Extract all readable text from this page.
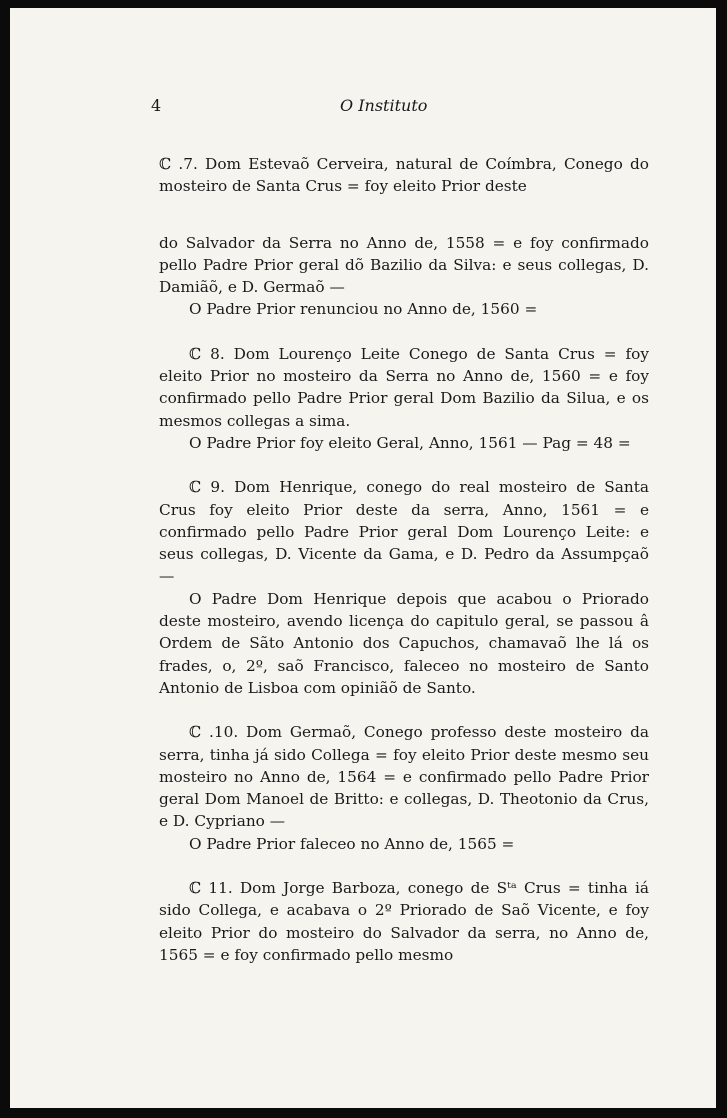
4	O Instituto

ℂ .7. Dom Estevaõ Cerveira, natural de Coímbra, Conego do mosteiro de Santa Crus = foy eleito Prior deste

do Salvador da Serra no Anno de, 1558 = e foy confirmado pello Padre Prior geral dõ Bazilio da Silva: e seus collegas, D. Damiãõ, e D. Germaõ —

O Padre Prior renunciou no Anno de, 1560 =

ℂ 8. Dom Lourenço Leite Conego de Santa Crus = foy eleito Prior no mosteiro da Serra no Anno de, 1560 = e foy confirmado pello Padre Prior geral Dom Bazilio da Silua, e os mesmos collegas a sima.

O Padre Prior foy eleito Geral, Anno, 1561 — Pag = 48 =

ℂ 9. Dom Henrique, conego do real mosteiro de Santa Crus foy eleito Prior deste da serra, Anno, 1561 = e confirmado pello Padre Prior geral Dom Lourenço Leite: e seus collegas, D. Vicente da Gama, e D. Pedro da Assumpçaõ —

O Padre Dom Henrique depois que acabou o Priorado deste mosteiro, avendo licença do capitulo geral, se passou â Ordem de Sãto Antonio dos Capuchos, chamavaõ lhe lá os frades, o, 2º, saõ Francisco, faleceo no mosteiro de Santo Antonio de Lisboa com opiniãõ de Santo.

ℂ .10. Dom Germaõ, Conego professo deste mosteiro da serra, tinha já sido Collega = foy eleito Prior deste mesmo seu mosteiro no Anno de, 1564 = e confirmado pello Padre Prior geral Dom Manoel de Britto: e collegas, D. Theotonio da Crus, e D. Cypriano —

O Padre Prior faleceo no Anno de, 1565 =

ℂ 11. Dom Jorge Barboza, conego de Sᵗᵃ Crus = tinha iá sido Collega, e acabava o 2º Priorado de Saõ Vicente, e foy eleito Prior do mosteiro do Salvador da serra, no Anno de, 1565 = e foy confirmado pello mesmo
